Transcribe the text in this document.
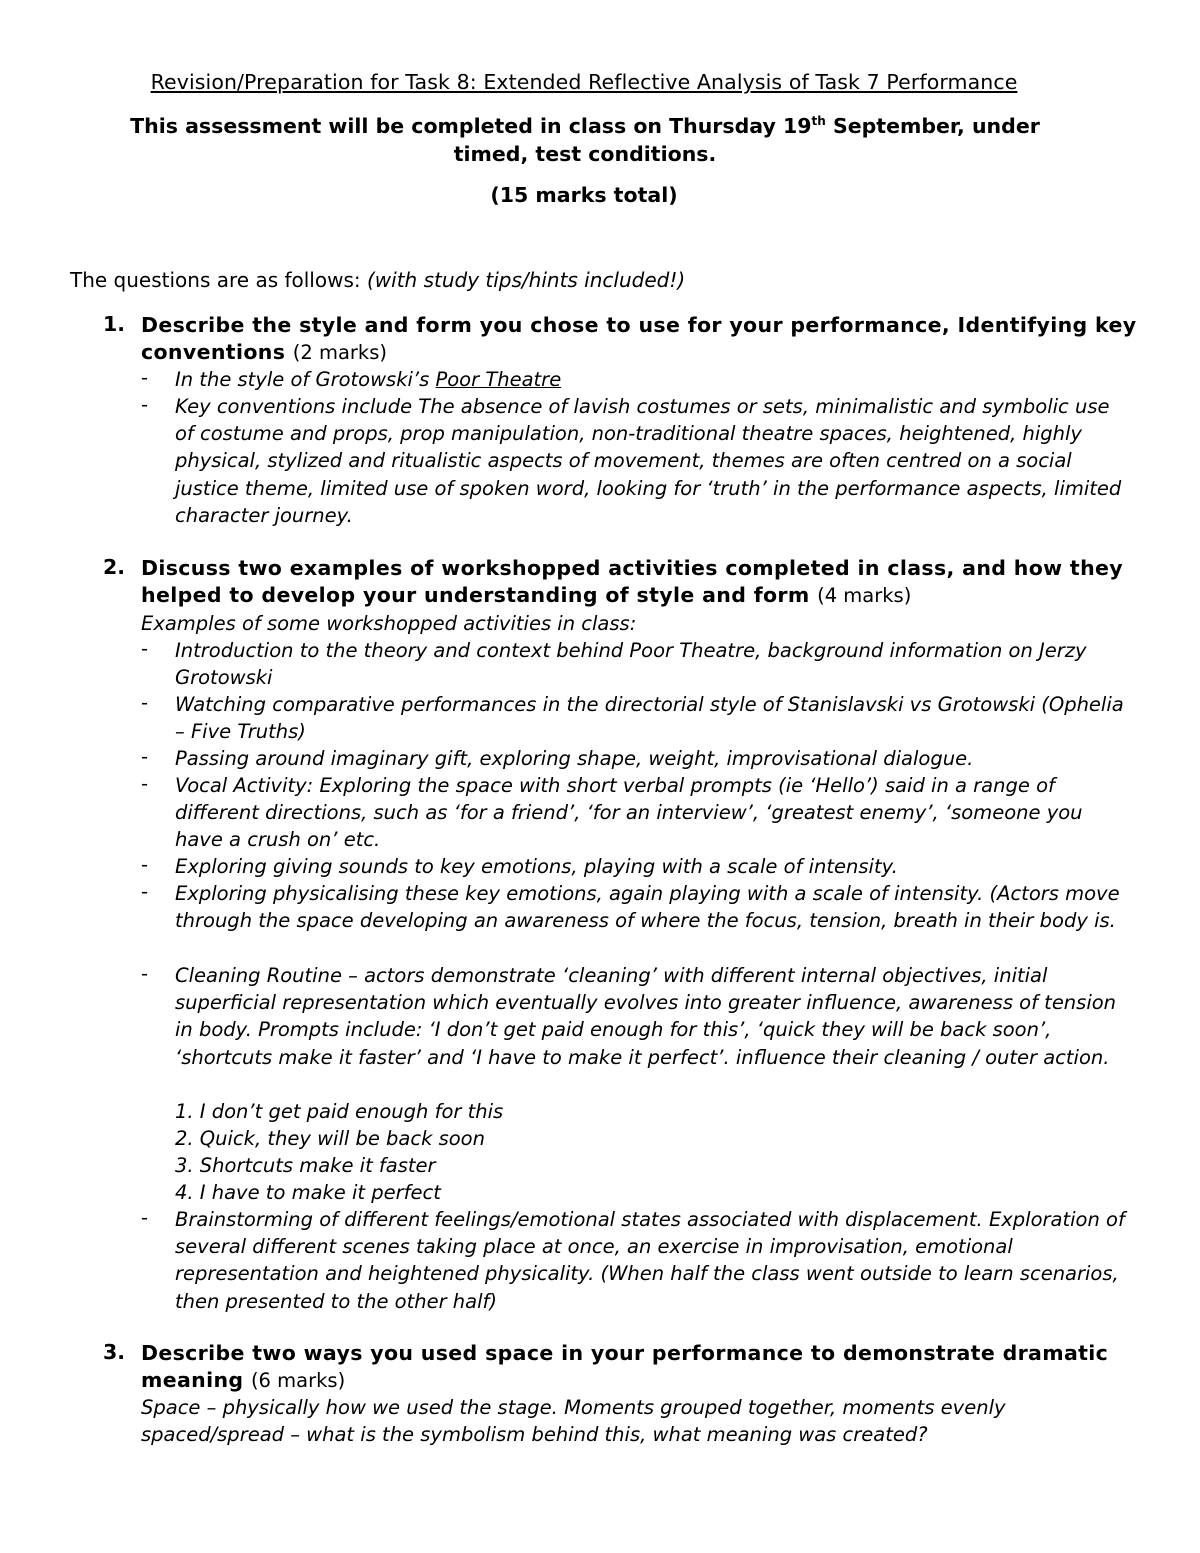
Revision/Preparation for Task 8: Extended Reflective Analysis of Task 7 Performance
This assessment will be completed in class on Thursday 19th September, under timed, test conditions.
(15 marks total)
The questions are as follows: (with study tips/hints included!)
1. Describe the style and form you chose to use for your performance, Identifying key conventions (2 marks)
- In the style of Grotowski’s Poor Theatre
- Key conventions include The absence of lavish costumes or sets, minimalistic and symbolic use of costume and props, prop manipulation, non-traditional theatre spaces, heightened, highly physical, stylized and ritualistic aspects of movement, themes are often centred on a social justice theme, limited use of spoken word, looking for ‘truth’ in the performance aspects, limited character journey.
2. Discuss two examples of workshopped activities completed in class, and how they helped to develop your understanding of style and form (4 marks)
Examples of some workshopped activities in class:
- Introduction to the theory and context behind Poor Theatre, background information on Jerzy Grotowski
- Watching comparative performances in the directorial style of Stanislavski vs Grotowski (Ophelia – Five Truths)
- Passing around imaginary gift, exploring shape, weight, improvisational dialogue.
- Vocal Activity: Exploring the space with short verbal prompts (ie ‘Hello’) said in a range of different directions, such as ‘for a friend’, ‘for an interview’, ‘greatest enemy’, ‘someone you have a crush on’ etc.
- Exploring giving sounds to key emotions, playing with a scale of intensity.
- Exploring physicalising these key emotions, again playing with a scale of intensity. (Actors move through the space developing an awareness of where the focus, tension, breath in their body is.
- Cleaning Routine – actors demonstrate ‘cleaning’ with different internal objectives, initial superficial representation which eventually evolves into greater influence, awareness of tension in body. Prompts include: ‘I don’t get paid enough for this’, ‘quick they will be back soon’, ‘shortcuts make it faster’ and ‘I have to make it perfect’. influence their cleaning / outer action.
1. I don’t get paid enough for this
2. Quick, they will be back soon
3. Shortcuts make it faster
4. I have to make it perfect
- Brainstorming of different feelings/emotional states associated with displacement. Exploration of several different scenes taking place at once, an exercise in improvisation, emotional representation and heightened physicality. (When half the class went outside to learn scenarios, then presented to the other half)
3. Describe two ways you used space in your performance to demonstrate dramatic meaning (6 marks)
Space – physically how we used the stage. Moments grouped together, moments evenly spaced/spread – what is the symbolism behind this, what meaning was created?
